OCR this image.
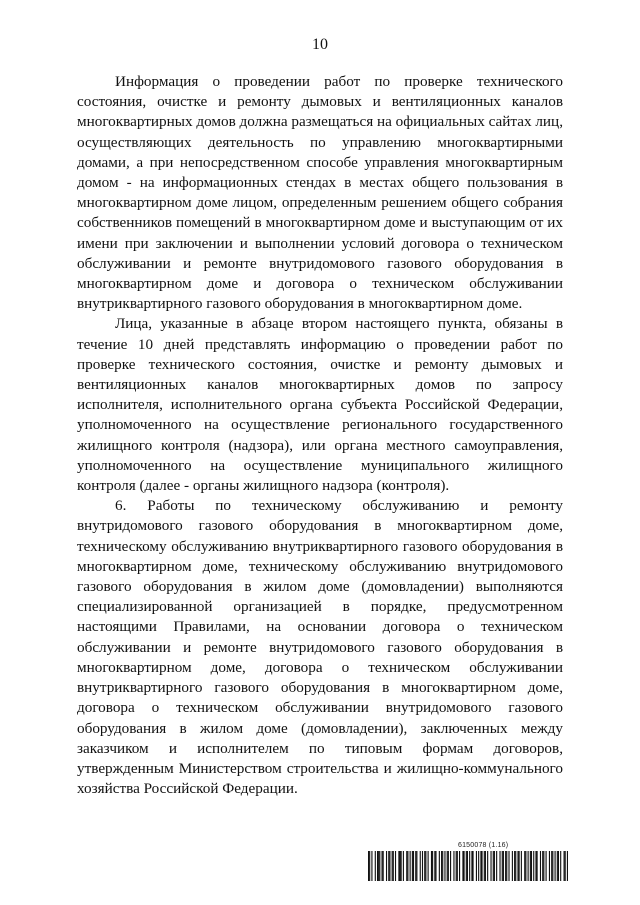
10

Информация о проведении работ по проверке технического состояния, очистке и ремонту дымовых и вентиляционных каналов многоквартирных домов должна размещаться на официальных сайтах лиц, осуществляющих деятельность по управлению многоквартирными домами, а при непосредственном способе управления многоквартирным домом - на информационных стендах в местах общего пользования в многоквартирном доме лицом, определенным решением общего собрания собственников помещений в многоквартирном доме и выступающим от их имени при заключении и выполнении условий договора о техническом обслуживании и ремонте внутридомового газового оборудования в многоквартирном доме и договора о техническом обслуживании внутриквартирного газового оборудования в многоквартирном доме.

Лица, указанные в абзаце втором настоящего пункта, обязаны в течение 10 дней представлять информацию о проведении работ по проверке технического состояния, очистке и ремонту дымовых и вентиляционных каналов многоквартирных домов по запросу исполнителя, исполнительного органа субъекта Российской Федерации, уполномоченного на осуществление регионального государственного жилищного контроля (надзора), или органа местного самоуправления, уполномоченного на осуществление муниципального жилищного контроля (далее - органы жилищного надзора (контроля).

6. Работы по техническому обслуживанию и ремонту внутридомового газового оборудования в многоквартирном доме, техническому обслуживанию внутриквартирного газового оборудования в многоквартирном доме, техническому обслуживанию внутридомового газового оборудования в жилом доме (домовладении) выполняются специализированной организацией в порядке, предусмотренном настоящими Правилами, на основании договора о техническом обслуживании и ремонте внутридомового газового оборудования в многоквартирном доме, договора о техническом обслуживании внутриквартирного газового оборудования в многоквартирном доме, договора о техническом обслуживании внутридомового газового оборудования в жилом доме (домовладении), заключенных между заказчиком и исполнителем по типовым формам договоров, утвержденным Министерством строительства и жилищно-коммунального хозяйства Российской Федерации.

6150078 (1.16)
